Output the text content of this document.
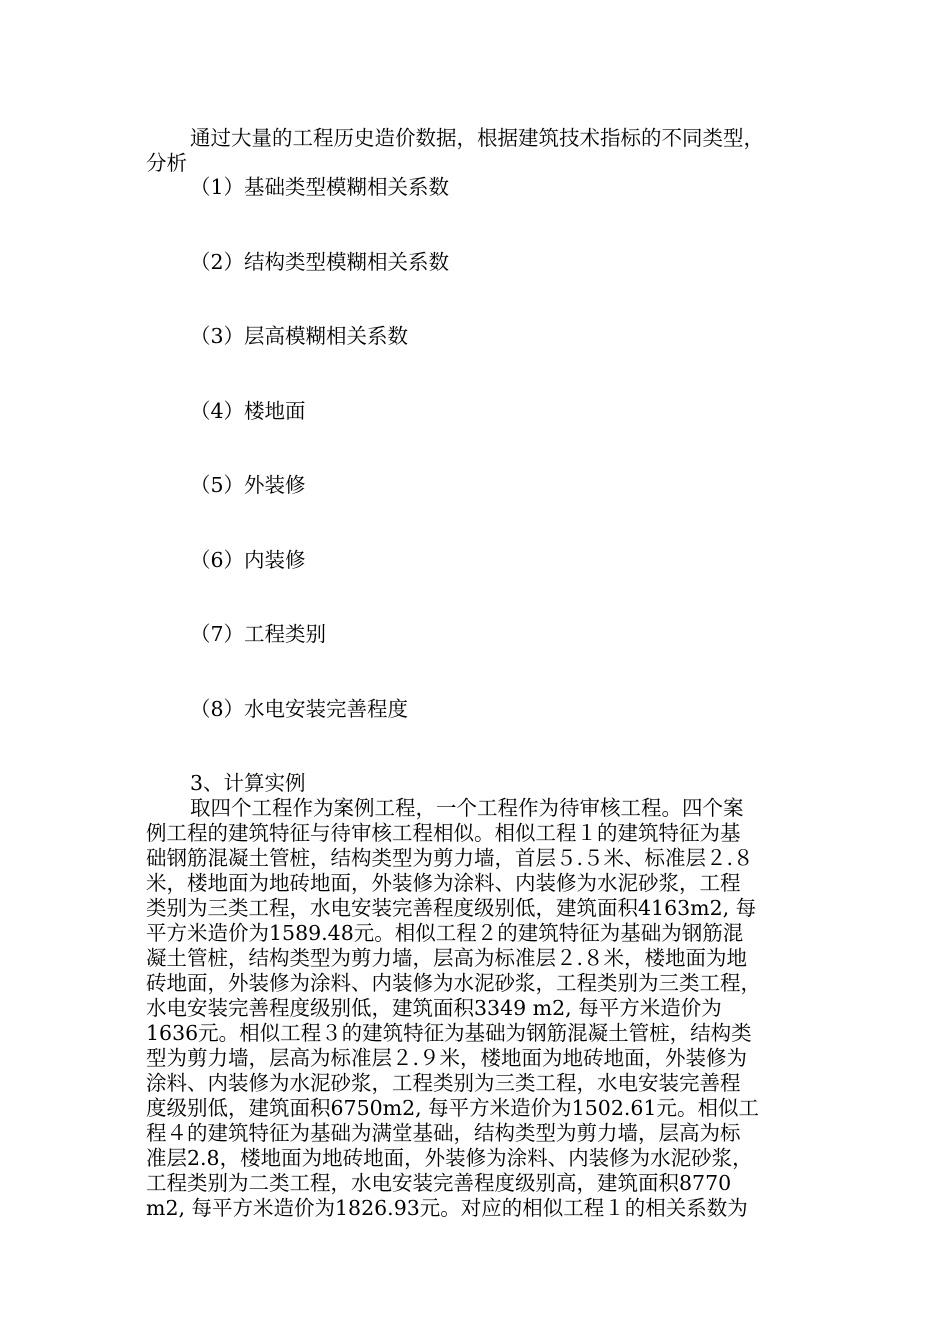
通过大量的工程历史造价数据，根据建筑技术指标的不同类型，
分析
（1）基础类型模糊相关系数
（2）结构类型模糊相关系数
（3）层高模糊相关系数
（4）楼地面
（5）外装修
（6）内装修
（7）工程类别
（8）水电安装完善程度
3、计算实例
取四个工程作为案例工程，一个工程作为待审核工程。四个案
例工程的建筑特征与待审核工程相似。相似工程１的建筑特征为基
础钢筋混凝土管桩，结构类型为剪力墙，首层５.５米、标准层２.８
米，楼地面为地砖地面，外装修为涂料、内装修为水泥砂浆，工程
类别为三类工程，水电安装完善程度级别低，建筑面积4163m2, 每
平方米造价为1589.48元。相似工程２的建筑特征为基础为钢筋混
凝土管桩，结构类型为剪力墙，层高为标准层２.８米，楼地面为地
砖地面，外装修为涂料、内装修为水泥砂浆，工程类别为三类工程，
水电安装完善程度级别低，建筑面积3349 m2, 每平方米造价为
1636元。相似工程３的建筑特征为基础为钢筋混凝土管桩，结构类
型为剪力墙，层高为标准层２.９米，楼地面为地砖地面，外装修为
涂料、内装修为水泥砂浆，工程类别为三类工程，水电安装完善程
度级别低，建筑面积6750m2, 每平方米造价为1502.61元。相似工
程４的建筑特征为基础为满堂基础，结构类型为剪力墙，层高为标
准层2.8，楼地面为地砖地面，外装修为涂料、内装修为水泥砂浆，
工程类别为二类工程，水电安装完善程度级别高，建筑面积8770
m2, 每平方米造价为1826.93元。对应的相似工程１的相关系数为
